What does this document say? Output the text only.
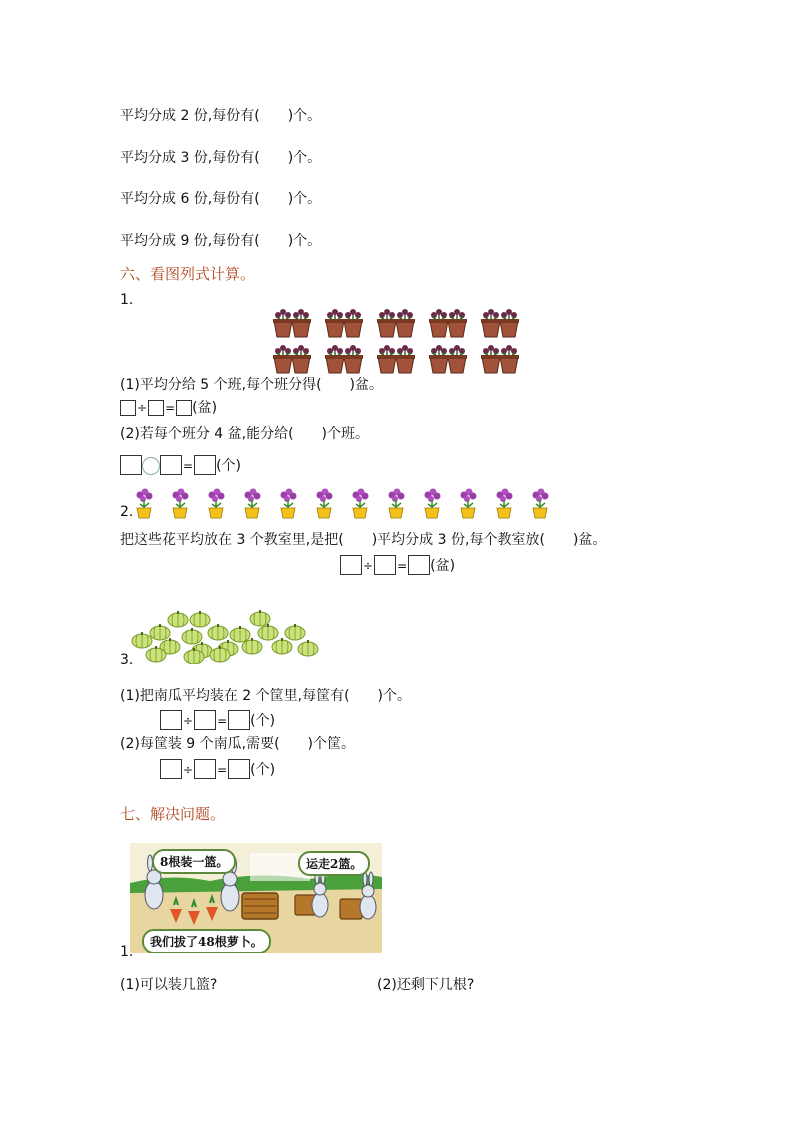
平均分成 2 份,每份有(　　)个。
平均分成 3 份,每份有(　　)个。
平均分成 6 份,每份有(　　)个。
平均分成 9 份,每份有(　　)个。
六、看图列式计算。
1.
(1)平均分给 5 个班,每个班分得(　　)盆。
÷ = (盆)
(2)若每个班分 4 盆,能分给(　　)个班。
= (个)
2.
把这些花平均放在 3 个教室里,是把(　　)平均分成 3 份,每个教室放(　　)盆。
÷ = (盆)
3.
(1)把南瓜平均装在 2 个筐里,每筐有(　　)个。
÷ = (个)
(2)每筐装 9 个南瓜,需要(　　)个筐。
÷ = (个)
七、解决问题。
8根装一篮。	运走2篮。
我们拔了48根萝卜。
1.
(1)可以装几篮?	(2)还剩下几根?
